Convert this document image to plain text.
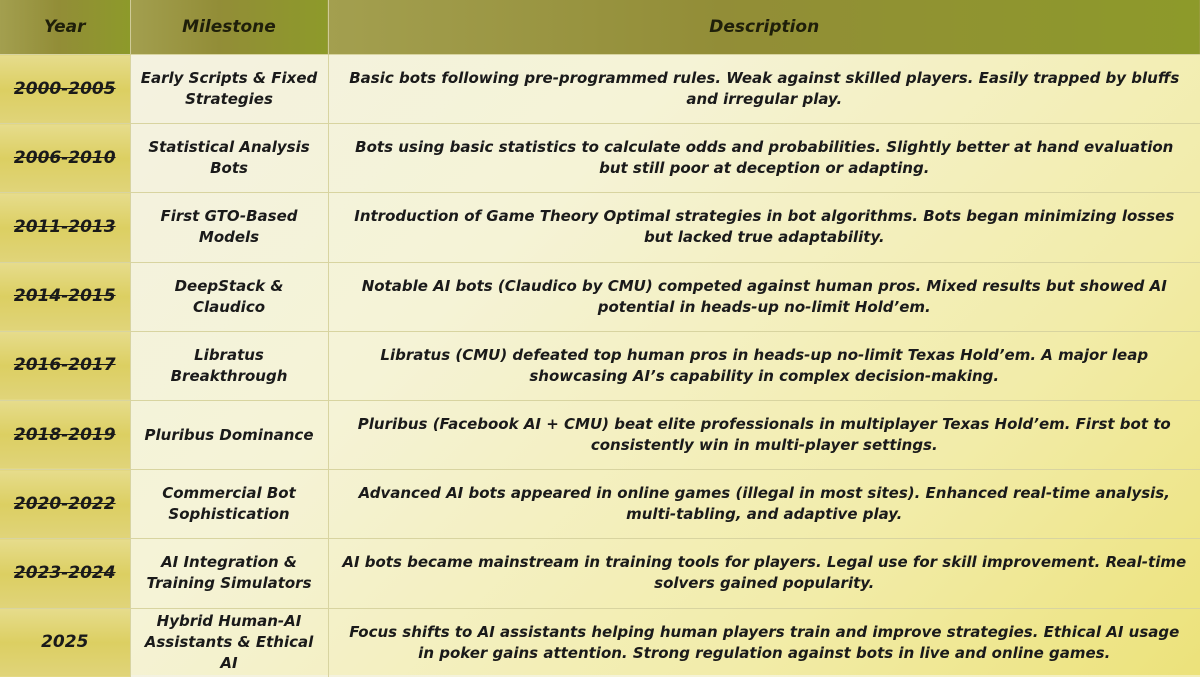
Year	Milestone	Description
2000-2005	Early Scripts & Fixed Strategies	Basic bots following pre-programmed rules. Weak against skilled players. Easily trapped by bluffs and irregular play.
2006-2010	Statistical Analysis Bots	Bots using basic statistics to calculate odds and probabilities. Slightly better at hand evaluation but still poor at deception or adapting.
2011-2013	First GTO-Based Models	Introduction of Game Theory Optimal strategies in bot algorithms. Bots began minimizing losses but lacked true adaptability.
2014-2015	DeepStack & Claudico	Notable AI bots (Claudico by CMU) competed against human pros. Mixed results but showed AI potential in heads-up no-limit Hold’em.
2016-2017	Libratus Breakthrough	Libratus (CMU) defeated top human pros in heads-up no-limit Texas Hold’em. A major leap showcasing AI’s capability in complex decision-making.
2018-2019	Pluribus Dominance	Pluribus (Facebook AI + CMU) beat elite professionals in multiplayer Texas Hold’em. First bot to consistently win in multi-player settings.
2020-2022	Commercial Bot Sophistication	Advanced AI bots appeared in online games (illegal in most sites). Enhanced real-time analysis, multi-tabling, and adaptive play.
2023-2024	AI Integration & Training Simulators	AI bots became mainstream in training tools for players. Legal use for skill improvement. Real-time solvers gained popularity.
2025	Hybrid Human-AI Assistants & Ethical AI	Focus shifts to AI assistants helping human players train and improve strategies. Ethical AI usage in poker gains attention. Strong regulation against bots in live and online games.
